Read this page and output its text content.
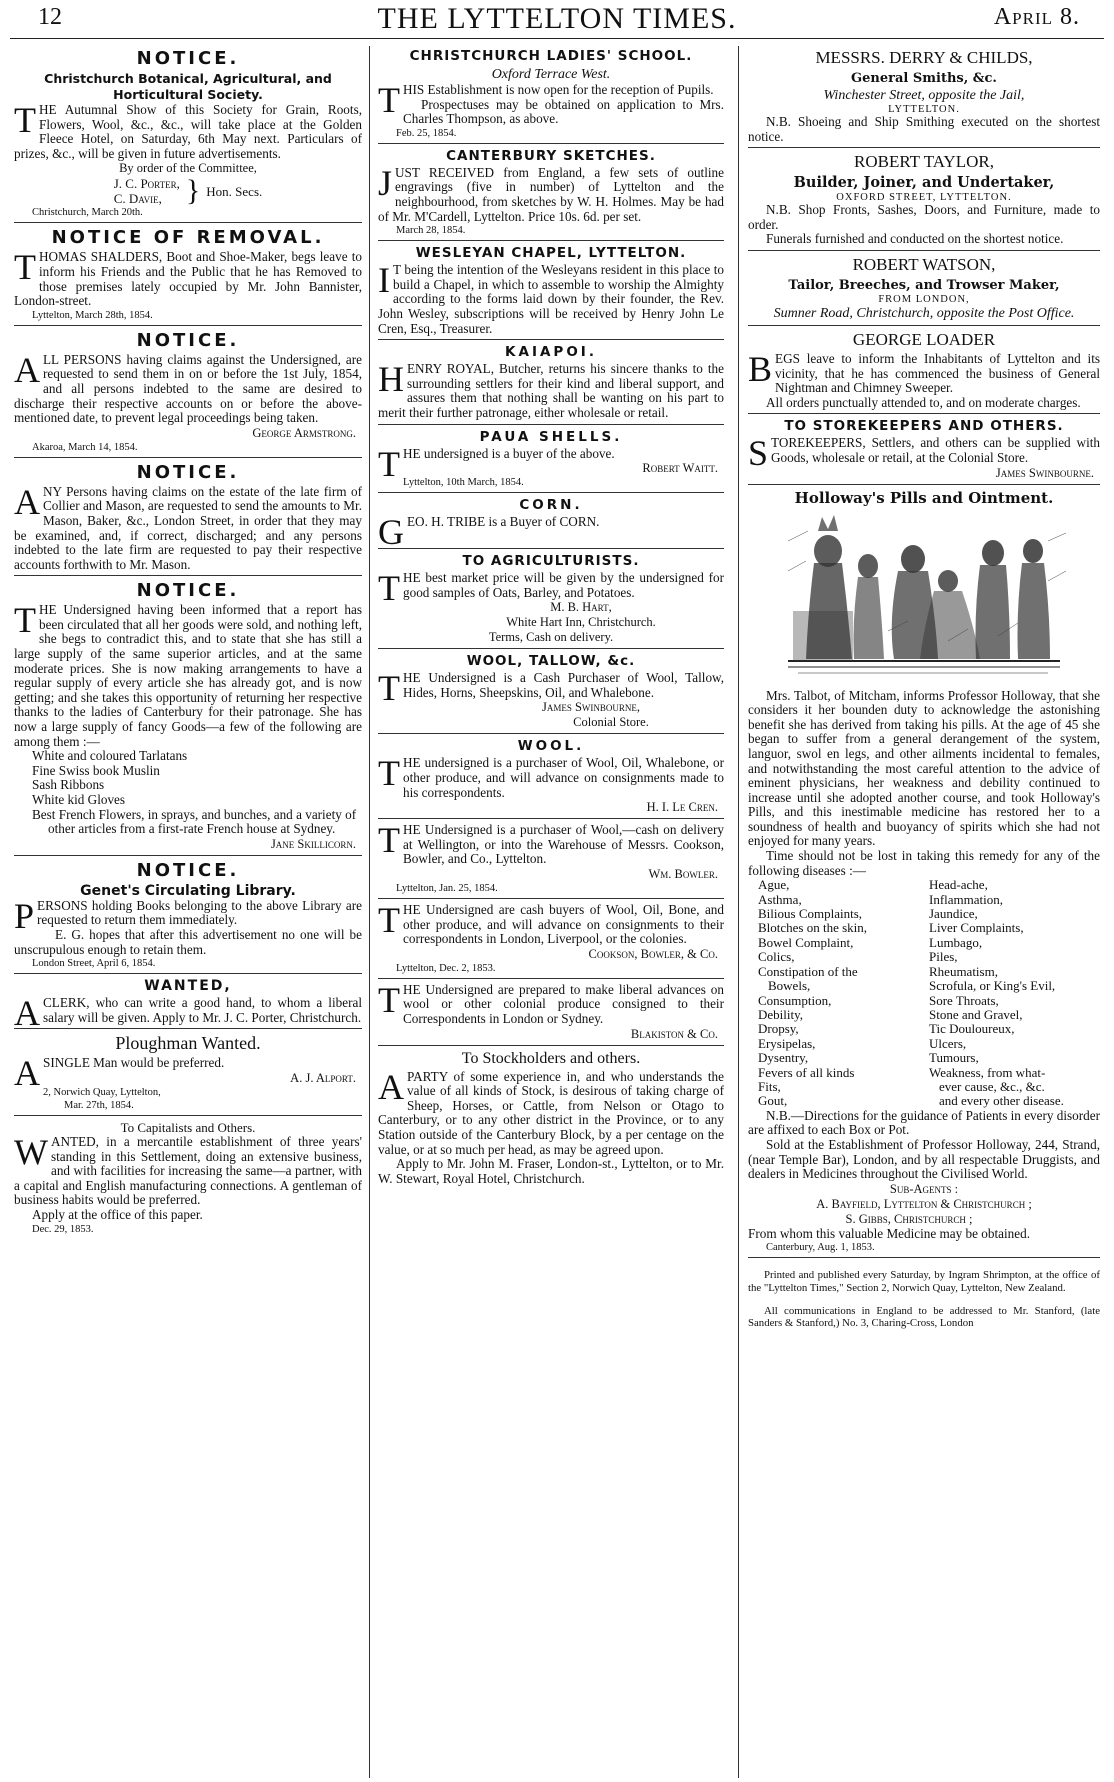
12	THE LYTTELTON TIMES.	April 8.
NOTICE.
Christchurch Botanical, Agricultural, and Horticultural Society.

THE Autumnal Show of this Society for Grain, Roots, Flowers, Wool, &c., &c., will take place at the Golden Fleece Hotel, on Saturday, 6th May next. Particulars of prizes, &c., will be given in future advertisements.

By order of the Committee,
J. C. Porter,
C. Davie, } Hon. Secs.
Christchurch, March 20th.
NOTICE OF REMOVAL.

THOMAS SHALDERS, Boot and Shoe-Maker, begs leave to inform his Friends and the Public that he has Removed to those premises lately occupied by Mr. John Bannister, London-street.

Lyttelton, March 28th, 1854.
NOTICE.

ALL PERSONS having claims against the Undersigned, are requested to send them in on or before the 1st July, 1854, and all persons indebted to the same are desired to discharge their respective accounts on or before the above-mentioned date, to prevent legal proceedings being taken.

George Armstrong.
Akaroa, March 14, 1854.
NOTICE.

ANY Persons having claims on the estate of the late firm of Collier and Mason, are requested to send the amounts to Mr. Mason, Baker, &c., London Street, in order that they may be examined, and, if correct, discharged; and any persons indebted to the late firm are requested to pay their respective accounts forthwith to Mr. Mason.

NOTICE.

THE Undersigned having been informed that a report has been circulated that all her goods were sold, and nothing left, she begs to contradict this, and to state that she has still a large supply of the same superior articles, and at the same moderate prices. She is now making arrangements to have a regular supply of every article she has already got, and is now getting; and she takes this opportunity of returning her respective thanks to the ladies of Canterbury for their patronage. She has now a large supply of fancy Goods—a few of the following are among them :—

White and coloured Tarlatans
Fine Swiss book Muslin
Sash Ribbons
White kid Gloves
Best French Flowers, in sprays, and bunches, and a variety of other articles from a first-rate French house at Sydney.
Jane Skillicorn.
NOTICE.
Genet's Circulating Library.

PERSONS holding Books belonging to the above Library are requested to return them immediately.

E. G. hopes that after this advertisement no one will be unscrupulous enough to retain them.

London Street, April 6, 1854.
WANTED,

ACLERK, who can write a good hand, to whom a liberal salary will be given. Apply to Mr. J. C. Porter, Christchurch.

Ploughman Wanted.

ASINGLE Man would be preferred.

A. J. Alport.
2, Norwich Quay, Lyttelton,
Mar. 27th, 1854.
To Capitalists and Others.

WANTED, in a mercantile establishment of three years' standing in this Settlement, doing an extensive business, and with facilities for increasing the same—a partner, with a capital and English manufacturing connections. A gentleman of business habits would be preferred.

Apply at the office of this paper.
Dec. 29, 1853.
CHRISTCHURCH LADIES' SCHOOL.
Oxford Terrace West.

THIS Establishment is now open for the reception of Pupils.

Prospectuses may be obtained on application to Mrs. Charles Thompson, as above.

Feb. 25, 1854.
CANTERBURY SKETCHES.

JUST RECEIVED from England, a few sets of outline engravings (five in number) of Lyttelton and the neighbourhood, from sketches by W. H. Holmes. May be had of Mr. M'Cardell, Lyttelton. Price 10s. 6d. per set.

March 28, 1854.
WESLEYAN CHAPEL, LYTTELTON.

I T being the intention of the Wesleyans resident in this place to build a Chapel, in which to assemble to worship the Almighty according to the forms laid down by their founder, the Rev. John Wesley, subscriptions will be received by Henry John Le Cren, Esq., Treasurer.

KAIAPOI.

HENRY ROYAL, Butcher, returns his sincere thanks to the surrounding settlers for their kind and liberal support, and assures them that nothing shall be wanting on his part to merit their further patronage, either wholesale or retail.

PAUA SHELLS.

THE undersigned is a buyer of the above.

Robert Waitt.
Lyttelton, 10th March, 1854.
CORN.

GEO. H. TRIBE is a Buyer of CORN.

TO AGRICULTURISTS.

THE best market price will be given by the undersigned for good samples of Oats, Barley, and Potatoes.

M. B. Hart,
White Hart Inn, Christchurch.
Terms, Cash on delivery.
WOOL, TALLOW, &c.

THE Undersigned is a Cash Purchaser of Wool, Tallow, Hides, Horns, Sheepskins, Oil, and Whalebone.

James Swinbourne,
Colonial Store.
WOOL.

THE undersigned is a purchaser of Wool, Oil, Whalebone, or other produce, and will advance on consignments made to his correspondents.

H. I. Le Cren.

THE Undersigned is a purchaser of Wool,—cash on delivery at Wellington, or into the Warehouse of Messrs. Cookson, Bowler, and Co., Lyttelton.

Wm. Bowler.
Lyttelton, Jan. 25, 1854.

THE Undersigned are cash buyers of Wool, Oil, Bone, and other produce, and will advance on consignments to their correspondents in London, Liverpool, or the colonies.

Cookson, Bowler, & Co.
Lyttelton, Dec. 2, 1853.

THE Undersigned are prepared to make liberal advances on wool or other colonial produce consigned to their Correspondents in London or Sydney.

Blakiston & Co.
To Stockholders and others.

APARTY of some experience in, and who understands the value of all kinds of Stock, is desirous of taking charge of Sheep, Horses, or Cattle, from Nelson or Otago to Canterbury, or to any other district in the Province, or to any Station outside of the Canterbury Block, by a per centage on the value, or at so much per head, as may be agreed upon.

Apply to Mr. John M. Fraser, London-st., Lyttelton, or to Mr. W. Stewart, Royal Hotel, Christchurch.

MESSRS. DERRY & CHILDS,
General Smiths, &c.
Winchester Street, opposite the Jail,
LYTTELTON.

N.B. Shoeing and Ship Smithing executed on the shortest notice.

ROBERT TAYLOR,
Builder, Joiner, and Undertaker,
OXFORD STREET, LYTTELTON.

N.B. Shop Fronts, Sashes, Doors, and Furniture, made to order.

Funerals furnished and conducted on the shortest notice.

ROBERT WATSON,
Tailor, Breeches, and Trowser Maker,
FROM LONDON,
Sumner Road, Christchurch, opposite the Post Office.
GEORGE LOADER

BEGS leave to inform the Inhabitants of Lyttelton and its vicinity, that he has commenced the business of General Nightman and Chimney Sweeper.

All orders punctually attended to, and on moderate charges.

TO STOREKEEPERS AND OTHERS.

STOREKEEPERS, Settlers, and others can be supplied with Goods, wholesale or retail, at the Colonial Store.

James Swinbourne.
Holloway's Pills and Ointment.

Mrs. Talbot, of Mitcham, informs Professor Holloway, that she considers it her bounden duty to acknowledge the astonishing benefit she has derived from taking his pills. At the age of 45 she began to suffer from a general derangement of the system, languor, swol en legs, and other ailments incidental to females, and notwithstanding the most careful attention to the advice of eminent physicians, her weakness and debility continued to increase until she adopted another course, and took Holloway's Pills, and this inestimable medicine has restored her to a soundness of health and buoyancy of spirits which she had not enjoyed for many years.

Time should not be lost in taking this remedy for any of the following diseases :—

Ague,	Head-ache,
Asthma,	Inflammation,
Bilious Complaints,	Jaundice,
Blotches on the skin,	Liver Complaints,
Bowel Complaint,	Lumbago,
Colics,	Piles,
Constipation of the	Rheumatism,
Bowels,	Scrofula, or King's Evil,
Consumption,	Sore Throats,
Debility,	Stone and Gravel,
Dropsy,	Tic Douloureux,
Erysipelas,	Ulcers,
Dysentry,	Tumours,
Fevers of all kinds	Weakness, from what-
Fits,	ever cause, &c., &c.
Gout,	and every other disease.

N.B.—Directions for the guidance of Patients in every disorder are affixed to each Box or Pot.

Sold at the Establishment of Professor Holloway, 244, Strand, (near Temple Bar), London, and by all respectable Druggists, and dealers in Medicines throughout the Civilised World.

Sub-Agents :
A. Bayfield, Lyttelton & Christchurch ;
S. Gibbs, Christchurch ;

From whom this valuable Medicine may be obtained.

Canterbury, Aug. 1, 1853.

Printed and published every Saturday, by Ingram Shrimpton, at the office of the "Lyttelton Times," Section 2, Norwich Quay, Lyttelton, New Zealand.

All communications in England to be addressed to Mr. Stanford, (late Sanders & Stanford,) No. 3, Charing-Cross, London
